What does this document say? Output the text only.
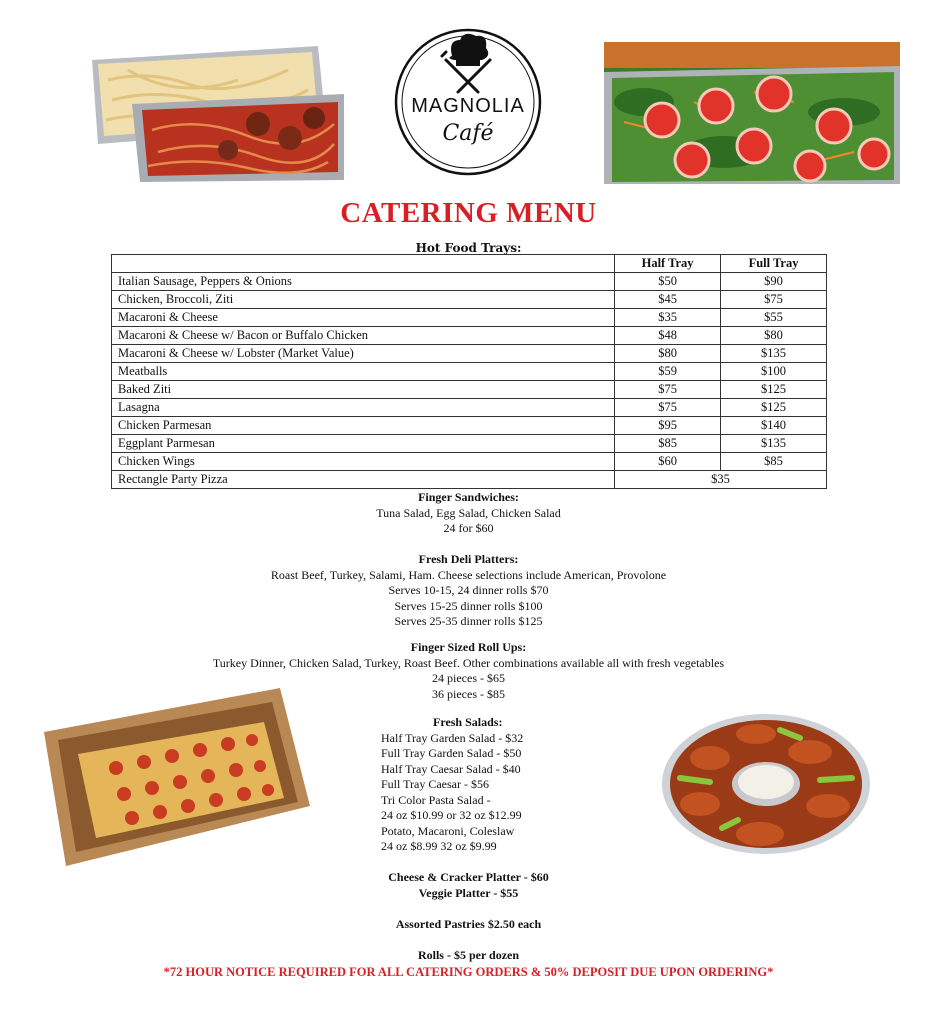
MAGNOLIA
Café
CATERING MENU
Hot Food Trays:
	Half Tray	Full Tray
Italian Sausage, Peppers & Onions	$50	$90
Chicken, Broccoli, Ziti	$45	$75
Macaroni & Cheese	$35	$55
Macaroni & Cheese w/ Bacon or Buffalo Chicken	$48	$80
Macaroni & Cheese w/ Lobster (Market Value)	$80	$135
Meatballs	$59	$100
Baked Ziti	$75	$125
Lasagna	$75	$125
Chicken Parmesan	$95	$140
Eggplant Parmesan	$85	$135
Chicken Wings	$60	$85
Rectangle Party Pizza	$35	
Finger Sandwiches:
Tuna Salad, Egg Salad, Chicken Salad
24 for $60
Fresh Deli Platters:
Roast Beef, Turkey, Salami, Ham. Cheese selections include American, Provolone
Serves 10-15, 24 dinner rolls $70
Serves 15-25 dinner rolls $100
Serves 25-35 dinner rolls $125
Finger Sized Roll Ups:
Turkey Dinner, Chicken Salad, Turkey, Roast Beef. Other combinations available all with fresh vegetables
24 pieces - $65
36 pieces - $85
Fresh Salads:
Half Tray Garden Salad - $32
Full Tray Garden Salad - $50
Half Tray Caesar Salad - $40
Full Tray Caesar - $56
Tri Color Pasta Salad -
24 oz $10.99 or 32 oz $12.99
Potato, Macaroni, Coleslaw
24 oz $8.99 32 oz $9.99
Cheese & Cracker Platter - $60
Veggie Platter - $55
Assorted Pastries $2.50 each
Rolls - $5 per dozen
*72 HOUR NOTICE REQUIRED FOR ALL CATERING ORDERS & 50% DEPOSIT DUE UPON ORDERING*
